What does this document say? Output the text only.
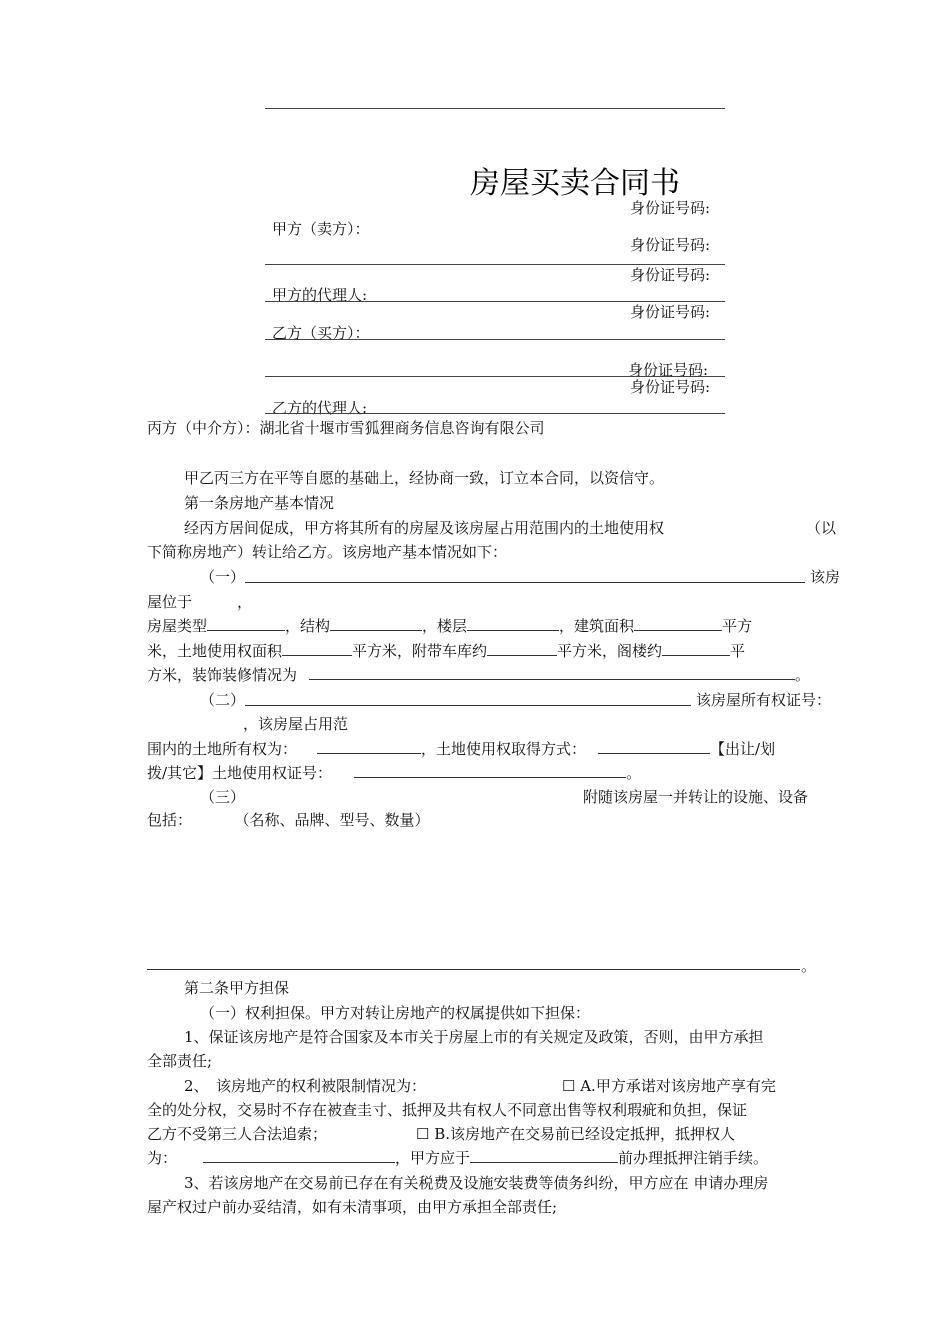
房屋买卖合同书
甲方（卖方）：
身份证号码:
身份证号码:
甲方的代理人:
身份证号码:
乙方（买方）：
身份证号码:
身份证号码:
乙方的代理人:
身份证号码:
丙方（中介方）：湖北省十堰市雪狐狸商务信息咨询有限公司
甲乙丙三方在平等自愿的基础上，经协商一致，订立本合同，以资信守。
第一条房地产基本情况
经丙方居间促成，甲方将其所有的房屋及该房屋占用范围内的土地使用权	（以
下简称房地产）转让给乙方。该房地产基本情况如下：
（一）	该房
屋位于　　　，
房屋类型	，结构	，楼层	，建筑面积	平方
米，土地使用权面积	平方米，附带车库约	平方米，阁楼约	平
方米，装饰装修情况为	。
（二）	该房屋所有权证号：
，该房屋占用范
围内的土地所有权为：	，土地使用权取得方式：	【出让/划
拨/其它】土地使用权证号：	。
（三）	附随该房屋一并转让的设施、设备
包括：	（名称、品牌、型号、数量）
。
第二条甲方担保
（一）权利担保。甲方对转让房地产的权属提供如下担保：
1、保证该房地产是符合国家及本市关于房屋上市的有关规定及政策，否则，由甲方承担
全部责任;
2、　该房地产的权利被限制情况为：	☐ A.甲方承诺对该房地产享有完
全的处分权，交易时不存在被查圭寸、抵押及共有权人不同意出售等权利瑕疵和负担，保证
乙方不受第三人合法追索；	☐ B.该房地产在交易前已经设定抵押，抵押权人
为：	，甲方应于	前办理抵押注销手续。
3、若该房地产在交易前已存在有关税费及设施安装费等债务纠纷，甲方应在 申请办理房
屋产权过户前办妥结清，如有未清事项，由甲方承担全部责任;
